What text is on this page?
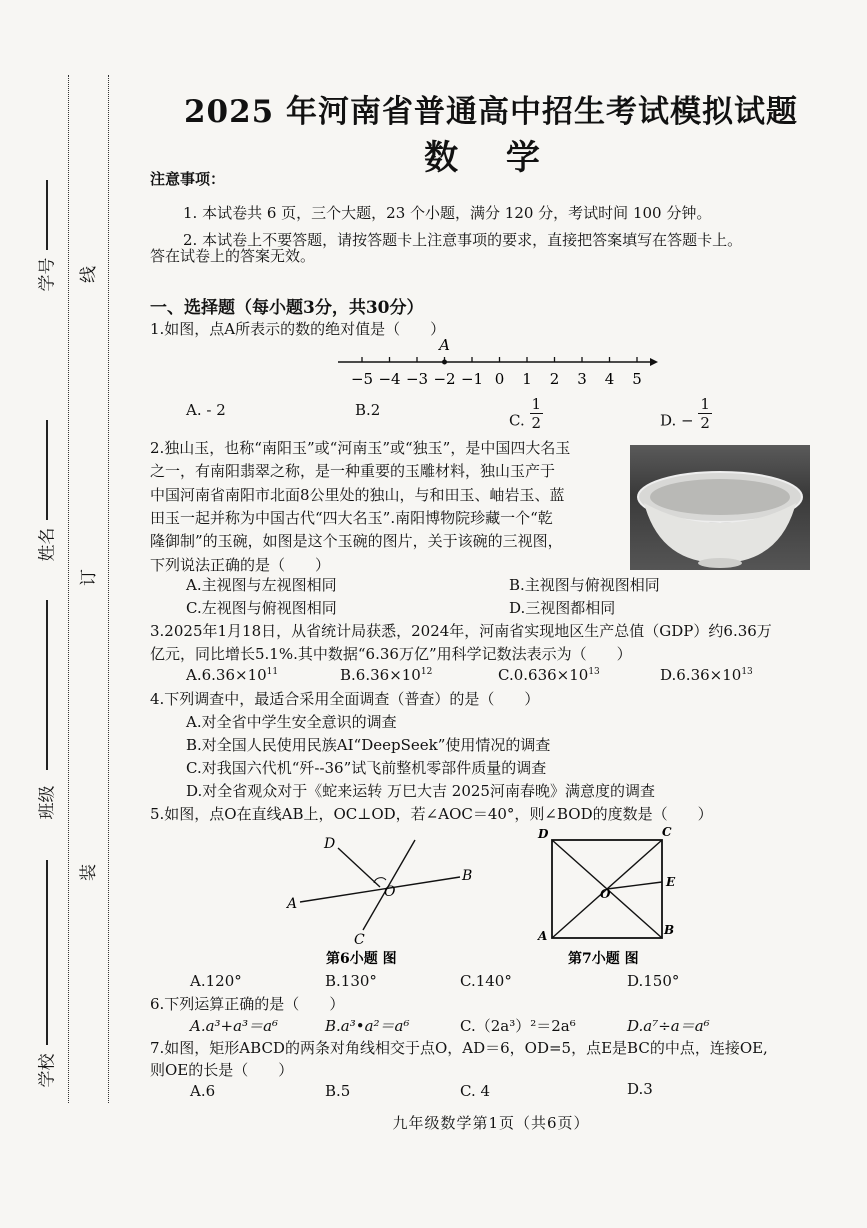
学号
姓名
班级
学校
线
订
装
2025 年河南省普通高中招生考试模拟试题
数 学
注意事项：
1. 本试卷共 6 页，三个大题，23 个小题，满分 120 分，考试时间 100 分钟。
2. 本试卷上不要答题，请按答题卡上注意事项的要求，直接把答案填写在答题卡上。
答在试卷上的答案无效。
一、选择题（每小题3分，共30分）
1.如图，点A所表示的数的绝对值是（　　）
−5 −4 −3 −2 −1 0 1 2 3 4 5
A
A. - 2	B.2
C. $\frac{1}{2}$	D. − $\frac{1}{2}$
2.独山玉，也称“南阳玉”或“河南玉”或“独玉”，是中国四大名玉
之一，有南阳翡翠之称，是一种重要的玉雕材料，独山玉产于
中国河南省南阳市北面8公里处的独山，与和田玉、岫岩玉、蓝
田玉一起并称为中国古代“四大名玉”.南阳博物院珍藏一个“乾
隆御制”的玉碗，如图是这个玉碗的图片，关于该碗的三视图，
下列说法正确的是（　　）
A.主视图与左视图相同	B.主视图与俯视图相同
C.左视图与俯视图相同	D.三视图都相同
3.2025年1月18日，从省统计局获悉，2024年，河南省实现地区生产总值（GDP）约6.36万
亿元，同比增长5.1%.其中数据“6.36万亿”用科学记数法表示为（　　）
$A.6.36\times 10^{11}$	$B.6.36\times 10^{12}$	$C.0.636\times 10^{13}$	$D.6.36\times 10^{13}$
4.下列调查中，最适合采用全面调查（普查）的是（　　）
A.对全省中学生安全意识的调查
B.对全国人民使用民族AI“DeepSeek”使用情况的调查
C.对我国六代机“歼--36”试飞前整机零部件质量的调查
D.对全省观众对于《蛇来运转 万巳大吉 2025河南春晚》满意度的调查
5.如图，点O在直线AB上，OC⊥OD，若∠AOC＝40°，则∠BOD的度数是（　　）
D
O
B
A
C
第6小题 图
D	C
E
O
A	B
第7小题 图
A.120°	B.130°	C.140°	D.150°
6.下列运算正确的是（　　）
A.a³+a³＝a⁶	B.a³•a²＝a⁶	C.（2a³）²＝2a⁶	D.a⁷÷a＝a⁶
7.如图，矩形ABCD的两条对角线相交于点O，AD＝6，OD=5，点E是BC的中点，连接OE,
则OE的长是（　　）
A.6	B.5	C. 4	D.3
九年级数学第1页（共6页）
